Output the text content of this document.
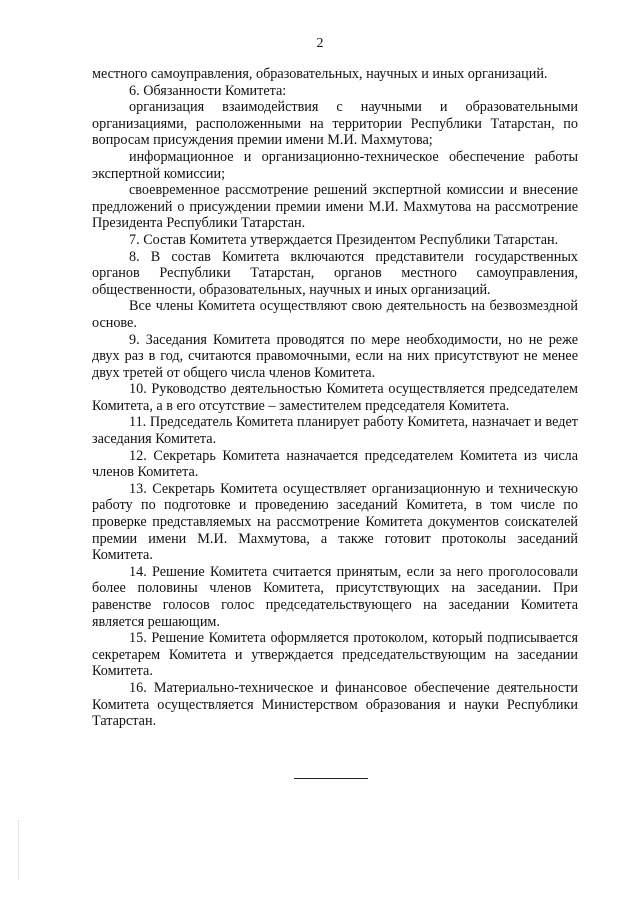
2

местного самоуправления, образовательных, научных и иных организаций.

6. Обязанности Комитета:

организация взаимодействия с научными и образовательными организациями, расположенными на территории Республики Татарстан, по вопросам присуждения премии имени М.И. Махмутова;

информационное и организационно-техническое обеспечение работы экспертной комиссии;

своевременное рассмотрение решений экспертной комиссии и внесение предложений о присуждении премии имени М.И. Махмутова на рассмотрение Президента Республики Татарстан.

7. Состав Комитета утверждается Президентом Республики Татарстан.

8. В состав Комитета включаются представители государственных органов Республики Татарстан, органов местного самоуправления, общественности, образовательных, научных и иных организаций.

Все члены Комитета осуществляют свою деятельность на безвозмездной основе.

9. Заседания Комитета проводятся по мере необходимости, но не реже двух раз в год, считаются правомочными, если на них присутствуют не менее двух третей от общего числа членов Комитета.

10. Руководство деятельностью Комитета осуществляется председателем Комитета, а в его отсутствие – заместителем председателя Комитета.

11. Председатель Комитета планирует работу Комитета, назначает и ведет заседания Комитета.

12. Секретарь Комитета назначается председателем Комитета из числа членов Комитета.

13. Секретарь Комитета осуществляет организационную и техническую работу по подготовке и проведению заседаний Комитета, в том числе по проверке представляемых на рассмотрение Комитета документов соискателей премии имени М.И. Махмутова, а также готовит протоколы заседаний Комитета.

14. Решение Комитета считается принятым, если за него проголосовали более половины членов Комитета, присутствующих на заседании. При равенстве голосов голос председательствующего на заседании Комитета является решающим.

15. Решение Комитета оформляется протоколом, который подписывается секретарем Комитета и утверждается председательствующим на заседании Комитета.

16. Материально-техническое и финансовое обеспечение деятельности Комитета осуществляется Министерством образования и науки Республики Татарстан.
